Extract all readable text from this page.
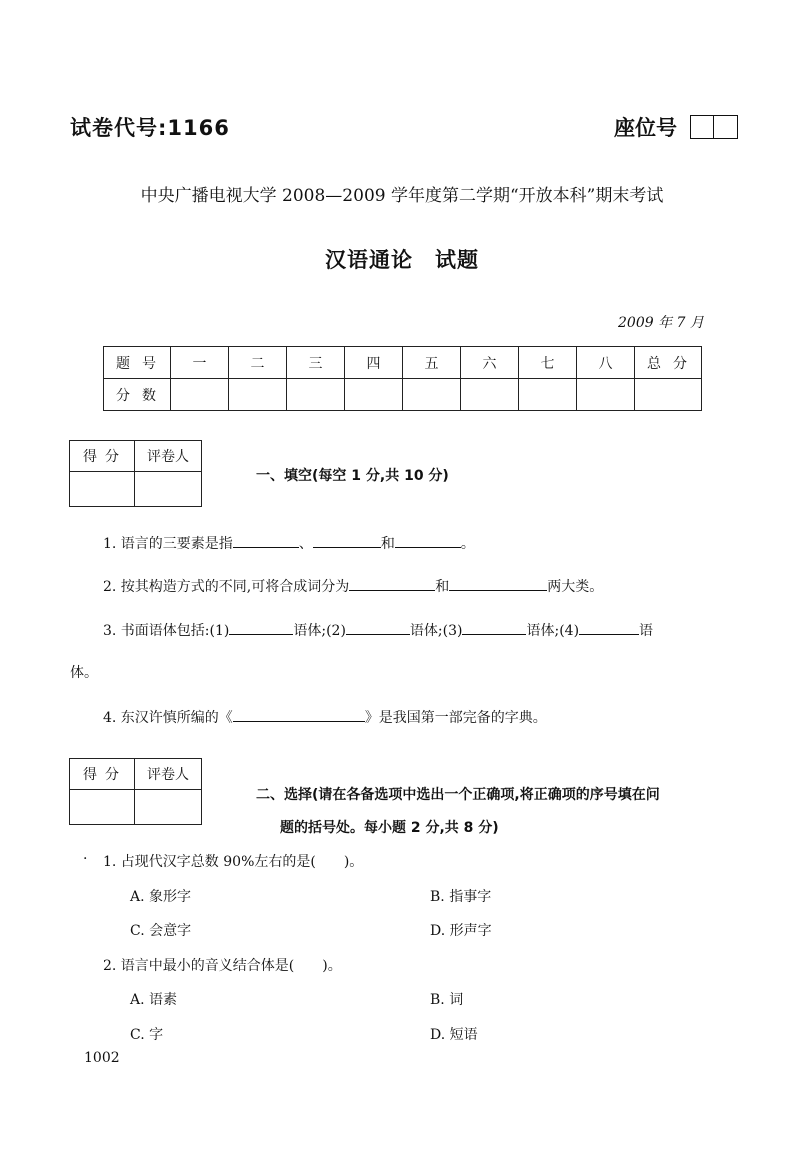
试卷代号:1166	座位号
中央广播电视大学 2008—2009 学年度第二学期“开放本科”期末考试
汉语通论　试题
2009 年 7 月
题号	一	二	三	四	五	六	七	八	总分
分数									
得分	评卷人

一、填空(每空 1 分,共 10 分)
1. 语言的三要素是指	、	和	。
2. 按其构造方式的不同,可将合成词分为	和	两大类。
3. 书面语体包括:(1)	语体;(2)	语体;(3)	语体;(4)	语
体。
4. 东汉许慎所编的《	》是我国第一部完备的字典。
得分	评卷人

二、选择(请在各备选项中选出一个正确项,将正确项的序号填在问
题的括号处。每小题 2 分,共 8 分)
· 1. 占现代汉字总数 90%左右的是(　　)。
A. 象形字	B. 指事字
C. 会意字	D. 形声字
2. 语言中最小的音义结合体是(　　)。
A. 语素	B. 词
C. 字	D. 短语
1002
